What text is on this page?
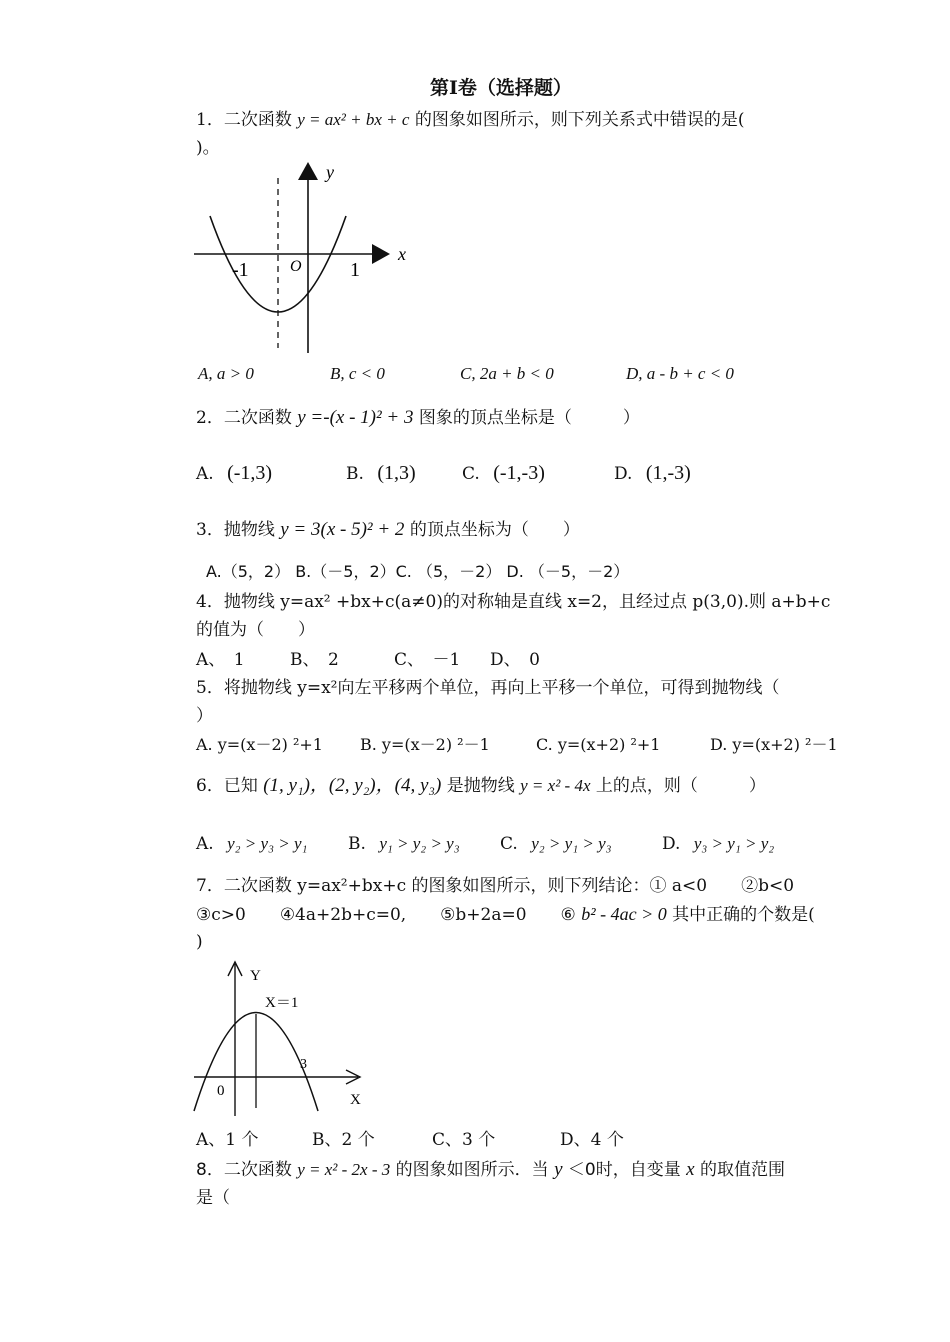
第Ⅰ卷（选择题）
1．二次函数 y = ax² + bx + c 的图象如图所示，则下列关系式中错误的是(
)。
x
y
O
-1	1
A, a > 0	B, c < 0	C, 2a + b < 0	D, a - b + c < 0
2．二次函数 y =-(x - 1)² + 3 图象的顶点坐标是（　　　）
A. (-1,3)	B. (1,3)	C. (-1,-3)	D. (1,-3)
3．抛物线 y = 3(x - 5)² + 2 的顶点坐标为（　　）
A.（5，2） B.（－5，2）C. （5，－2） D. （－5，－2）
4．抛物线 y=ax² +bx+c(a≠0)的对称轴是直线 x=2，且经过点 p(3,0).则 a+b+c
的值为（　　）
A、　1	B、　2	C、　－1 D、　0
5．将抛物线 y=x²向左平移两个单位，再向上平移一个单位，可得到抛物线（
）
A. y=(x－2) ²+1 B. y=(x－2) ²－1	C. y=(x+2) ²+1	D. y=(x+2) ²－1
6．已知 (1, y₁)，(2, y₂)，(4, y₃) 是抛物线 y = x² - 4x 上的点，则（　　　）
A. y₂ > y₃ > y₁ B. y₁ > y₂ > y₃ C. y₂ > y₁ > y₃	D. y₃ > y₁ > y₂
7．二次函数 y=ax²+bx+c 的图象如图所示，则下列结论：① a<0　　②b<0
③c>0　　④4a+2b+c=0,　　⑤b+2a=0　　⑥ b² - 4ac > 0 其中正确的个数是(
)
Y
X＝1
3
0
X
A、1 个	B、2 个	C、3 个	D、4 个
8．二次函数 y = x² - 2x - 3 的图象如图所示．当 y ＜0时，自变量 x 的取值范围
是（
